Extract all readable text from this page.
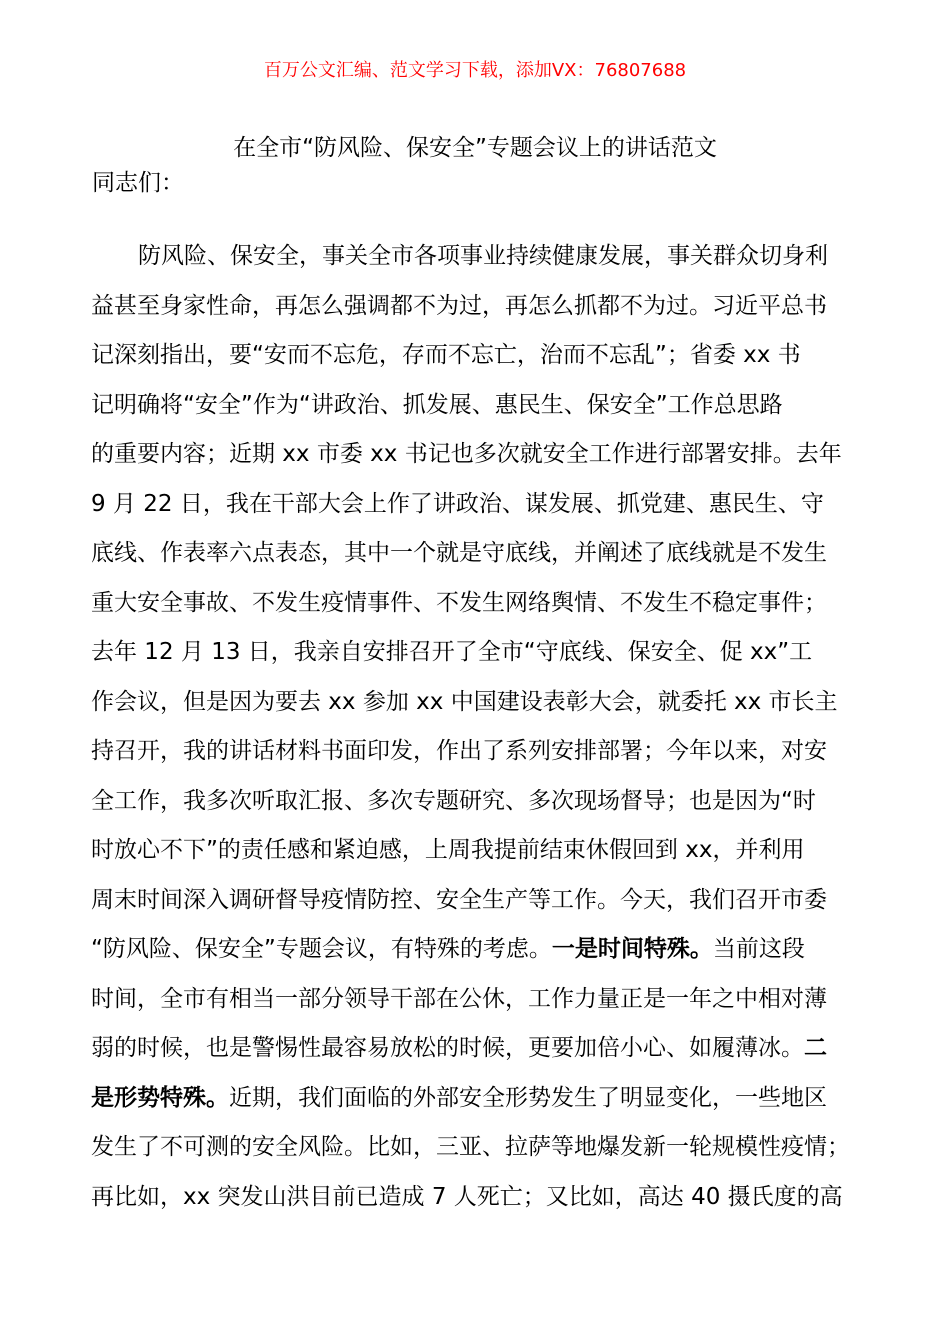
百万公文汇编、范文学习下载，添加VX：76807688
在全市“防风险、保安全”专题会议上的讲话范文
同志们：
防风险、保安全，事关全市各项事业持续健康发展，事关群众切身利
益甚至身家性命，再怎么强调都不为过，再怎么抓都不为过。习近平总书
记深刻指出，要“安而不忘危，存而不忘亡，治而不忘乱”；省委 xx 书
记明确将“安全”作为“讲政治、抓发展、惠民生、保安全”工作总思路
的重要内容；近期 xx 市委 xx 书记也多次就安全工作进行部署安排。去年
9 月 22 日，我在干部大会上作了讲政治、谋发展、抓党建、惠民生、守
底线、作表率六点表态，其中一个就是守底线，并阐述了底线就是不发生
重大安全事故、不发生疫情事件、不发生网络舆情、不发生不稳定事件；
去年 12 月 13 日，我亲自安排召开了全市“守底线、保安全、促 xx”工
作会议，但是因为要去 xx 参加 xx 中国建设表彰大会，就委托 xx 市长主
持召开，我的讲话材料书面印发，作出了系列安排部署；今年以来，对安
全工作，我多次听取汇报、多次专题研究、多次现场督导；也是因为“时
时放心不下”的责任感和紧迫感，上周我提前结束休假回到 xx，并利用
周末时间深入调研督导疫情防控、安全生产等工作。今天，我们召开市委
“防风险、保安全”专题会议，有特殊的考虑。一是时间特殊。当前这段
时间，全市有相当一部分领导干部在公休，工作力量正是一年之中相对薄
弱的时候，也是警惕性最容易放松的时候，更要加倍小心、如履薄冰。二
是形势特殊。近期，我们面临的外部安全形势发生了明显变化，一些地区
发生了不可测的安全风险。比如，三亚、拉萨等地爆发新一轮规模性疫情；
再比如，xx 突发山洪目前已造成 7 人死亡；又比如，高达 40 摄氏度的高
